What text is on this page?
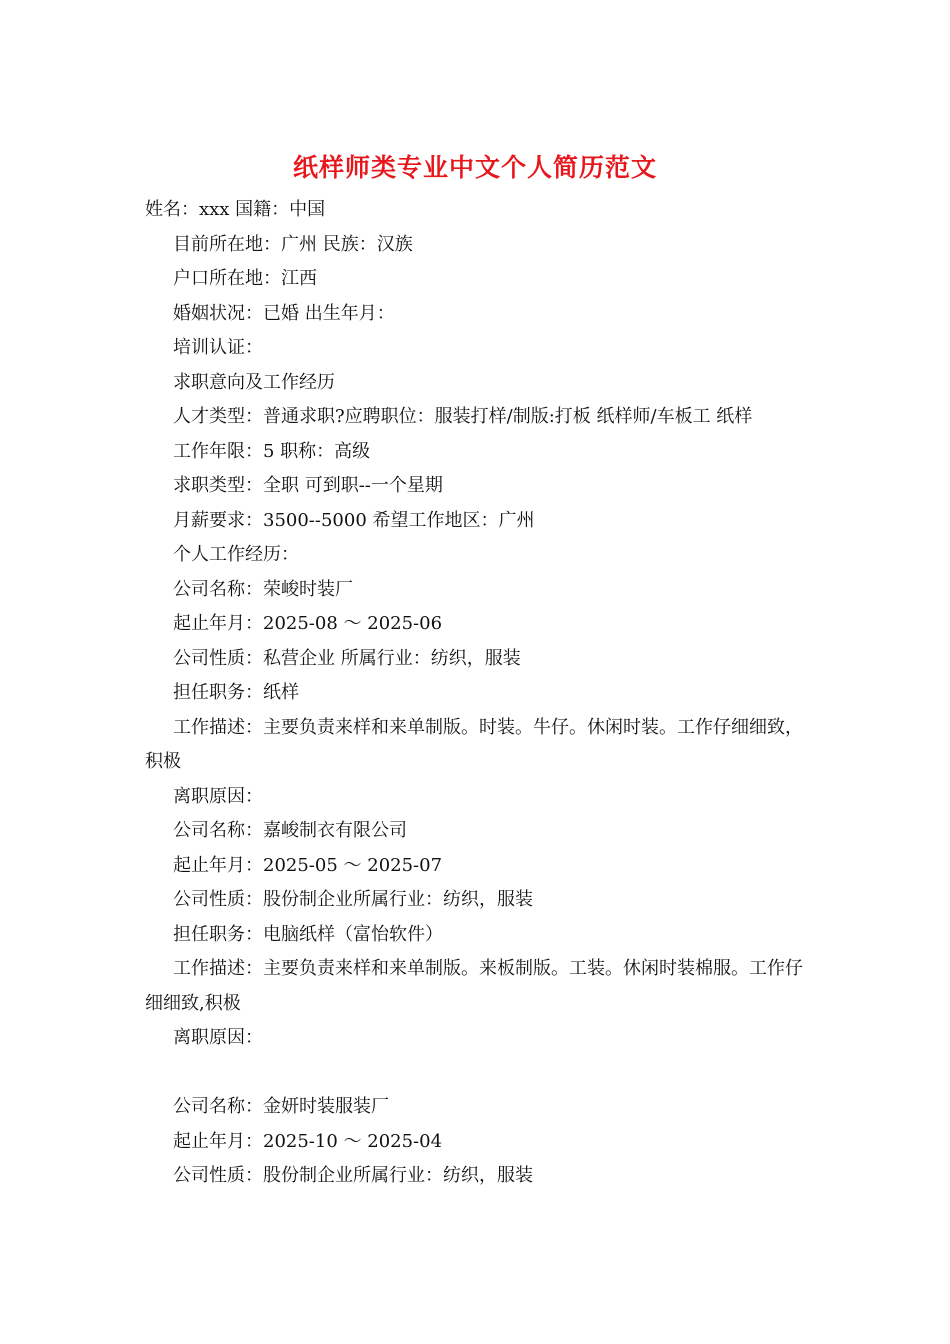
纸样师类专业中文个人简历范文
姓名：xxx 国籍：中国
目前所在地：广州 民族：汉族
户口所在地：江西
婚姻状况：已婚 出生年月：
培训认证：
求职意向及工作经历
人才类型：普通求职?应聘职位：服装打样/制版:打板 纸样师/车板工 纸样
工作年限：5 职称：高级
求职类型：全职 可到职--一个星期
月薪要求：3500--5000 希望工作地区：广州
个人工作经历：
公司名称：荣峻时装厂
起止年月：2025-08 ～ 2025-06
公司性质：私营企业 所属行业：纺织，服装
担任职务：纸样
工作描述：主要负责来样和来单制版。时装。牛仔。休闲时装。工作仔细细致，积极
离职原因：
公司名称：嘉峻制衣有限公司
起止年月：2025-05 ～ 2025-07
公司性质：股份制企业所属行业：纺织，服装
担任职务：电脑纸样（富怡软件）
工作描述：主要负责来样和来单制版。来板制版。工装。休闲时装棉服。工作仔细细致,积极
离职原因：
公司名称：金妍时装服装厂
起止年月：2025-10 ～ 2025-04
公司性质：股份制企业所属行业：纺织，服装
